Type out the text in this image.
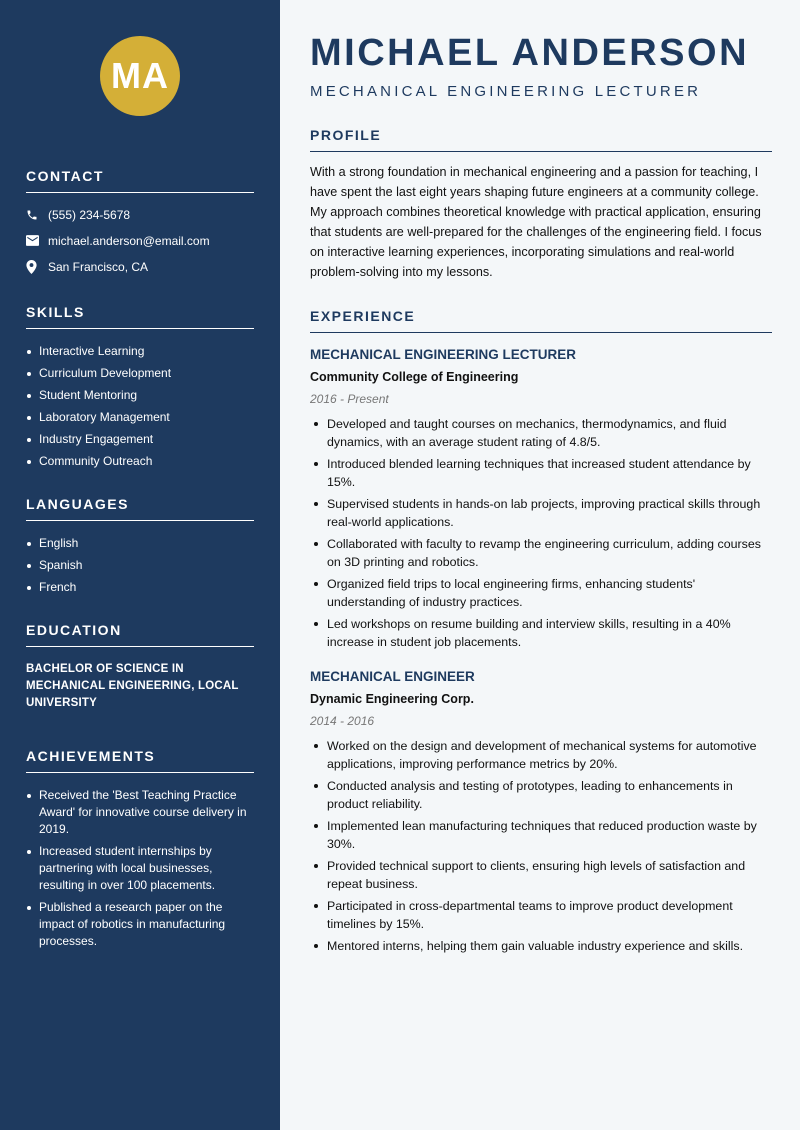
MA
CONTACT
(555) 234-5678
michael.anderson@email.com
San Francisco, CA
SKILLS
Interactive Learning
Curriculum Development
Student Mentoring
Laboratory Management
Industry Engagement
Community Outreach
LANGUAGES
English
Spanish
French
EDUCATION
BACHELOR OF SCIENCE IN MECHANICAL ENGINEERING, LOCAL UNIVERSITY
ACHIEVEMENTS
Received the 'Best Teaching Practice Award' for innovative course delivery in 2019.
Increased student internships by partnering with local businesses, resulting in over 100 placements.
Published a research paper on the impact of robotics in manufacturing processes.
MICHAEL ANDERSON
MECHANICAL ENGINEERING LECTURER
PROFILE

With a strong foundation in mechanical engineering and a passion for teaching, I have spent the last eight years shaping future engineers at a community college. My approach combines theoretical knowledge with practical application, ensuring that students are well-prepared for the challenges of the engineering field. I focus on interactive learning experiences, incorporating simulations and real-world problem-solving into my lessons.

EXPERIENCE
MECHANICAL ENGINEERING LECTURER
Community College of Engineering
2016 - Present
Developed and taught courses on mechanics, thermodynamics, and fluid dynamics, with an average student rating of 4.8/5.
Introduced blended learning techniques that increased student attendance by 15%.
Supervised students in hands-on lab projects, improving practical skills through real-world applications.
Collaborated with faculty to revamp the engineering curriculum, adding courses on 3D printing and robotics.
Organized field trips to local engineering firms, enhancing students' understanding of industry practices.
Led workshops on resume building and interview skills, resulting in a 40% increase in student job placements.
MECHANICAL ENGINEER
Dynamic Engineering Corp.
2014 - 2016
Worked on the design and development of mechanical systems for automotive applications, improving performance metrics by 20%.
Conducted analysis and testing of prototypes, leading to enhancements in product reliability.
Implemented lean manufacturing techniques that reduced production waste by 30%.
Provided technical support to clients, ensuring high levels of satisfaction and repeat business.
Participated in cross-departmental teams to improve product development timelines by 15%.
Mentored interns, helping them gain valuable industry experience and skills.
